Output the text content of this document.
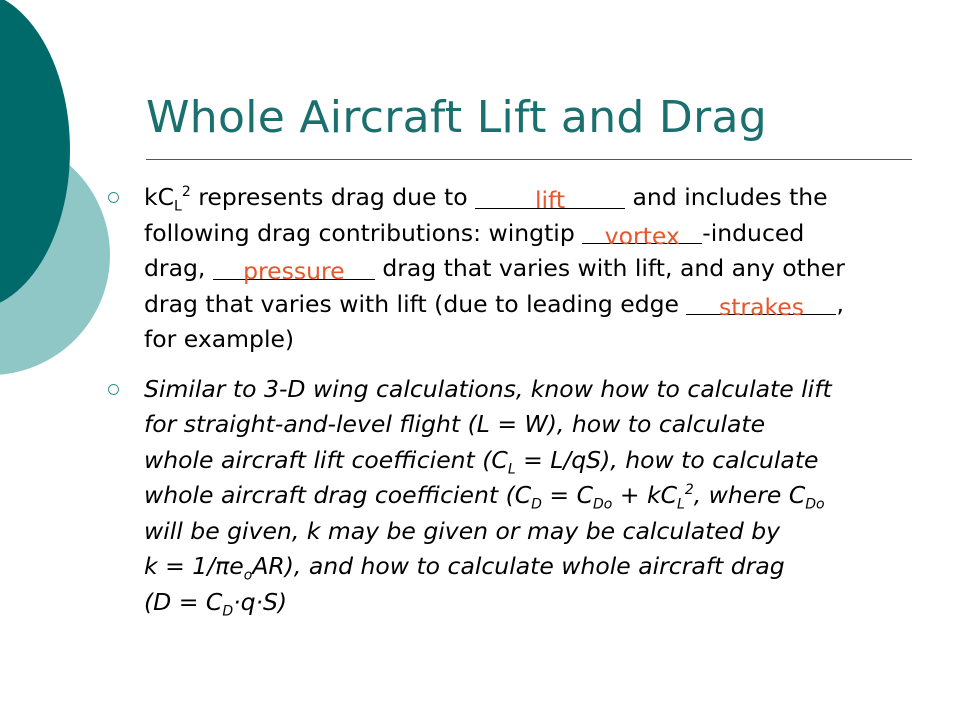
Whole Aircraft Lift and Drag
$kC_L^2$ represents drag due to	lift	and includes the
following drag contributions: wingtip vortex -induced
drag,	pressure	drag that varies with lift, and any other
drag that varies with lift (due to leading edge	strakes	,
for example)
Similar to 3-D wing calculations, know how to calculate lift
for straight-and-level flight (L = W), how to calculate
whole aircraft lift coefficient $(C_L = L/qS)$, how to calculate
whole aircraft drag coefficient ($C_D = C_{Do} + kC_L^2$, where $C_{Do}$
will be given, k may be given or may be calculated by
$k = 1/\pi e_oAR$), and how to calculate whole aircraft drag
$(D = C_D\cdot q\cdot S)$
